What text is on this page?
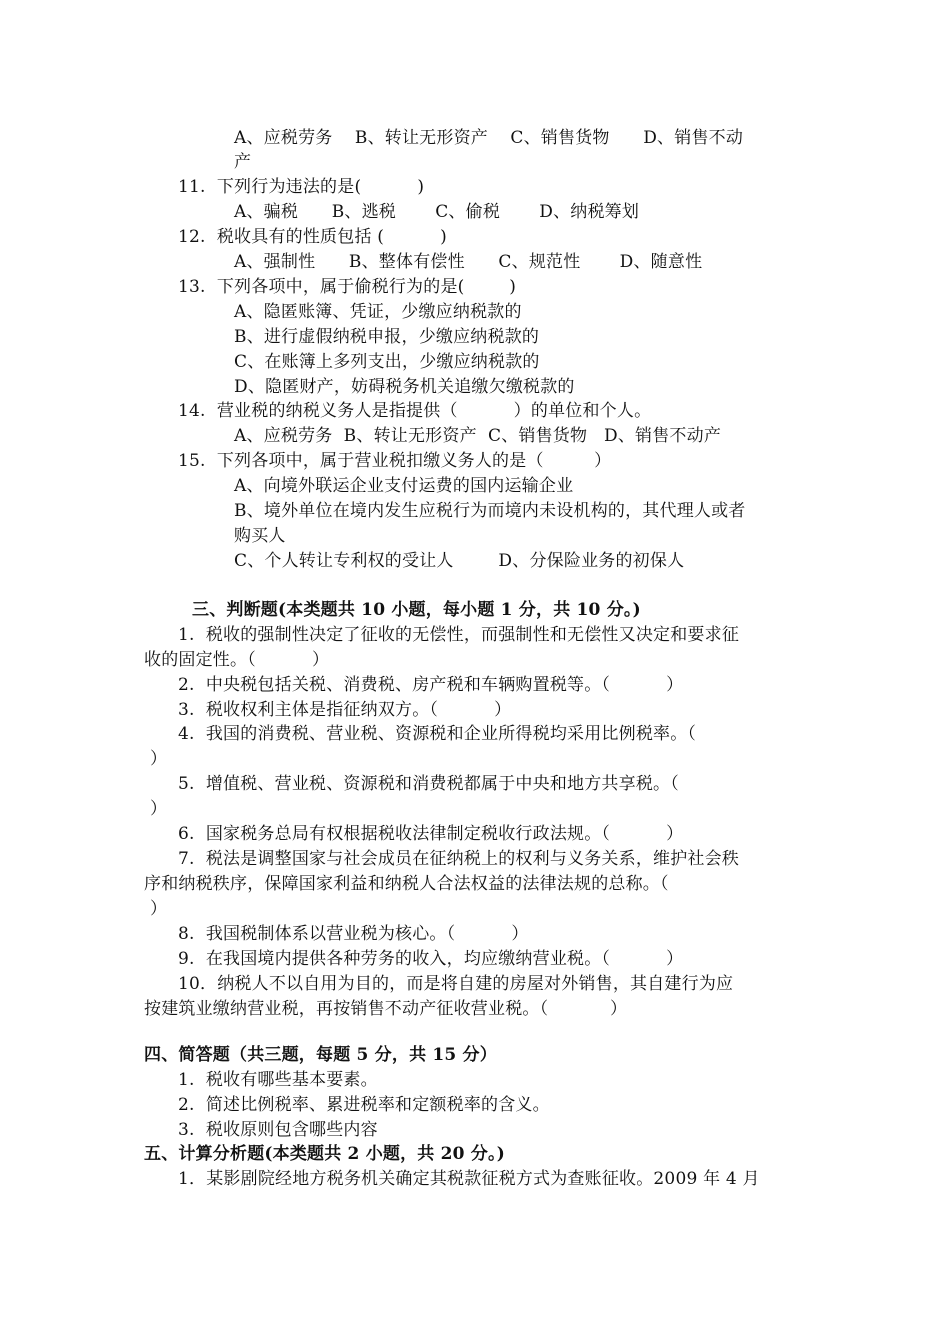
A、应税劳务    B、转让无形资产    C、销售货物      D、销售不动
产
11.  下列行为违法的是(          )
A、骗税      B、逃税       C、偷税       D、纳税筹划
12.  税收具有的性质包括 (          )
A、强制性      B、整体有偿性      C、规范性       D、随意性
13.  下列各项中，属于偷税行为的是(        )
A、隐匿账簿、凭证，少缴应纳税款的
B、进行虚假纳税申报，少缴应纳税款的
C、在账簿上多列支出，少缴应纳税款的
D、隐匿财产，妨碍税务机关追缴欠缴税款的
14.  营业税的纳税义务人是指提供（          ）的单位和个人。
A、应税劳务  B、转让无形资产  C、销售货物   D、销售不动产
15.  下列各项中，属于营业税扣缴义务人的是（         ）
A、向境外联运企业支付运费的国内运输企业
B、境外单位在境内发生应税行为而境内未设机构的，其代理人或者
购买人
C、个人转让专利权的受让人        D、分保险业务的初保人
三、判断题(本类题共 10 小题，每小题 1 分，共 10 分。)
1.  税收的强制性决定了征收的无偿性，而强制性和无偿性又决定和要求征
收的固定性。（          ）
2.  中央税包括关税、消费税、房产税和车辆购置税等。（          ）
3.  税收权利主体是指征纳双方。（          ）
4.  我国的消费税、营业税、资源税和企业所得税均采用比例税率。（
）
5.  增值税、营业税、资源税和消费税都属于中央和地方共享税。（
）
6.  国家税务总局有权根据税收法律制定税收行政法规。（          ）
7.  税法是调整国家与社会成员在征纳税上的权利与义务关系，维护社会秩
序和纳税秩序，保障国家利益和纳税人合法权益的法律法规的总称。（
）
8.  我国税制体系以营业税为核心。（          ）
9.  在我国境内提供各种劳务的收入，均应缴纳营业税。（          ）
10．纳税人不以自用为目的，而是将自建的房屋对外销售，其自建行为应
按建筑业缴纳营业税，再按销售不动产征收营业税。（           ）
四、简答题（共三题，每题 5 分，共 15 分）
1.  税收有哪些基本要素。
2.  简述比例税率、累进税率和定额税率的含义。
3.  税收原则包含哪些内容
五、计算分析题(本类题共 2 小题，共 20 分。)
1．某影剧院经地方税务机关确定其税款征税方式为查账征收。2009 年 4 月
